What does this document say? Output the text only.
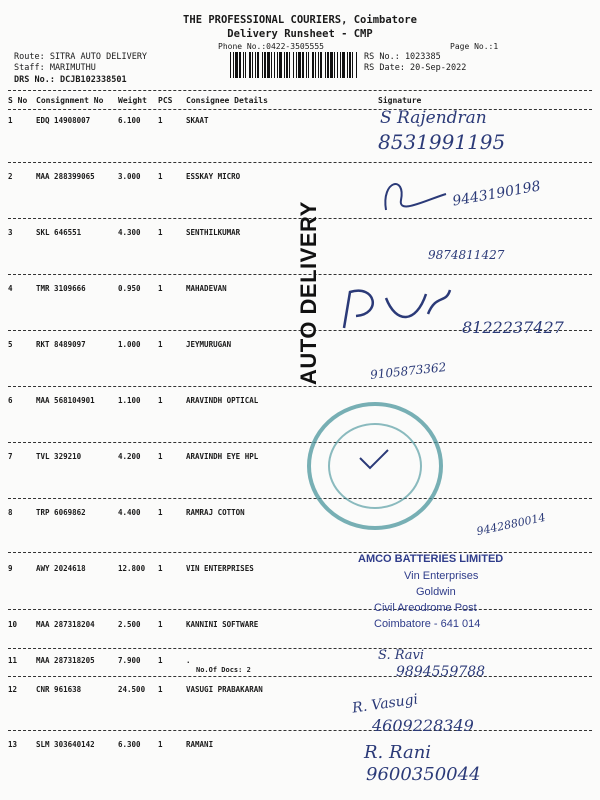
THE PROFESSIONAL COURIERS, Coimbatore
Delivery Runsheet - CMP
Phone No.:0422-3505555	Page No.:1
Route: SITRA AUTO DELIVERY
Staff: MARIMUTHU
DRS No.: DCJB102338501
RS No.: 1023385
RS Date: 20-Sep-2022
S No Consignment No Weight PCS Consignee Details	Signature
1	EDQ 14908007	6.100 1	SKAAT
2	MAA 288399065	3.000 1	ESSKAY MICRO
3	SKL 646551	4.300 1	SENTHILKUMAR
4	TMR 3109666	0.950 1	MAHADEVAN
5	RKT 8489097	1.000 1	JEYMURUGAN
6	MAA 568104901	1.100 1	ARAVINDH OPTICAL
7	TVL 329210	4.200 1	ARAVINDH EYE HPL
8	TRP 6069862	4.400 1	RAMRAJ COTTON
9	AWY 2024618	12.800 1	VIN ENTERPRISES
10	MAA 287318204	2.500 1	KANNINI SOFTWARE
11	MAA 287318205	7.900 1	.
12	CNR 961638	24.500 1	VASUGI PRABAKARAN
13	SLM 303640142	6.300 1	RAMANI
No.Of Docs: 2
AUTO DELIVERY
AMCO BATTERIES LIMITED
Vin Enterprises
Goldwin
Civil Areodrome Post
Coimbatore - 641 014
S Rajendran
8531991195
9443190198
9874811427
8122237427
9105873362
9442880014
S. Ravi
9894559788
R. Vasugi
4609228349
R. Rani
9600350044
